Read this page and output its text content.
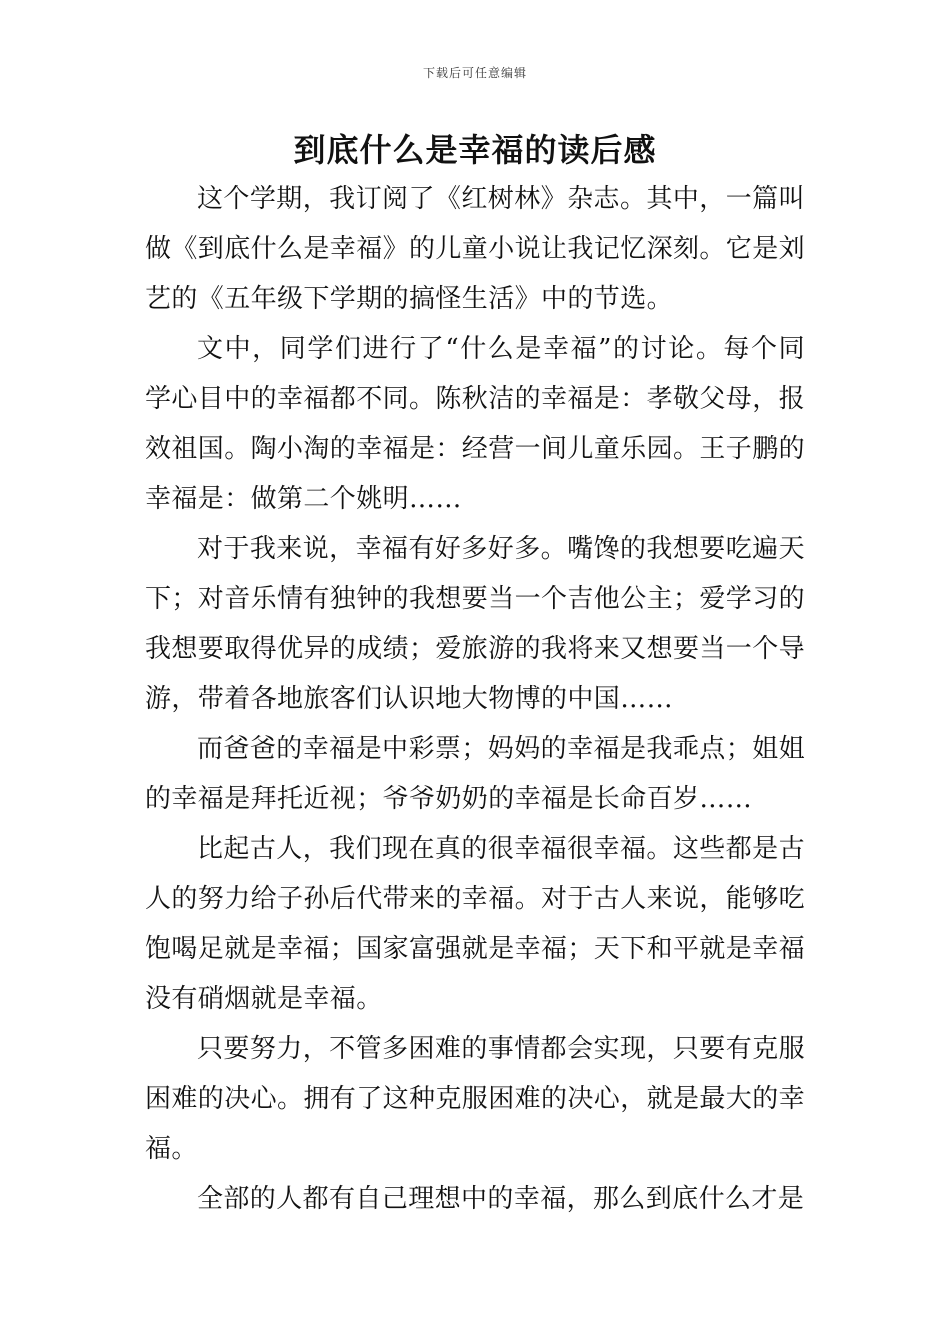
下载后可任意编辑
到底什么是幸福的读后感

这个学期，我订阅了《红树林》杂志。其中，一篇叫做《到底什么是幸福》的儿童小说让我记忆深刻。它是刘艺的《五年级下学期的搞怪生活》中的节选。

文中，同学们进行了“什么是幸福”的讨论。每个同学心目中的幸福都不同。陈秋洁的幸福是：孝敬父母，报效祖国。陶小淘的幸福是：经营一间儿童乐园。王子鹏的幸福是：做第二个姚明……

对于我来说，幸福有好多好多。嘴馋的我想要吃遍天下；对音乐情有独钟的我想要当一个吉他公主；爱学习的我想要取得优异的成绩；爱旅游的我将来又想要当一个导游，带着各地旅客们认识地大物博的中国……

而爸爸的幸福是中彩票；妈妈的幸福是我乖点；姐姐的幸福是拜托近视；爷爷奶奶的幸福是长命百岁……

比起古人，我们现在真的很幸福很幸福。这些都是古人的努力给子孙后代带来的幸福。对于古人来说，能够吃饱喝足就是幸福；国家富强就是幸福；天下和平就是幸福没有硝烟就是幸福。

只要努力，不管多困难的事情都会实现，只要有克服困难的决心。拥有了这种克服困难的决心，就是最大的幸福。

全部的人都有自己理想中的幸福，那么到底什么才是
